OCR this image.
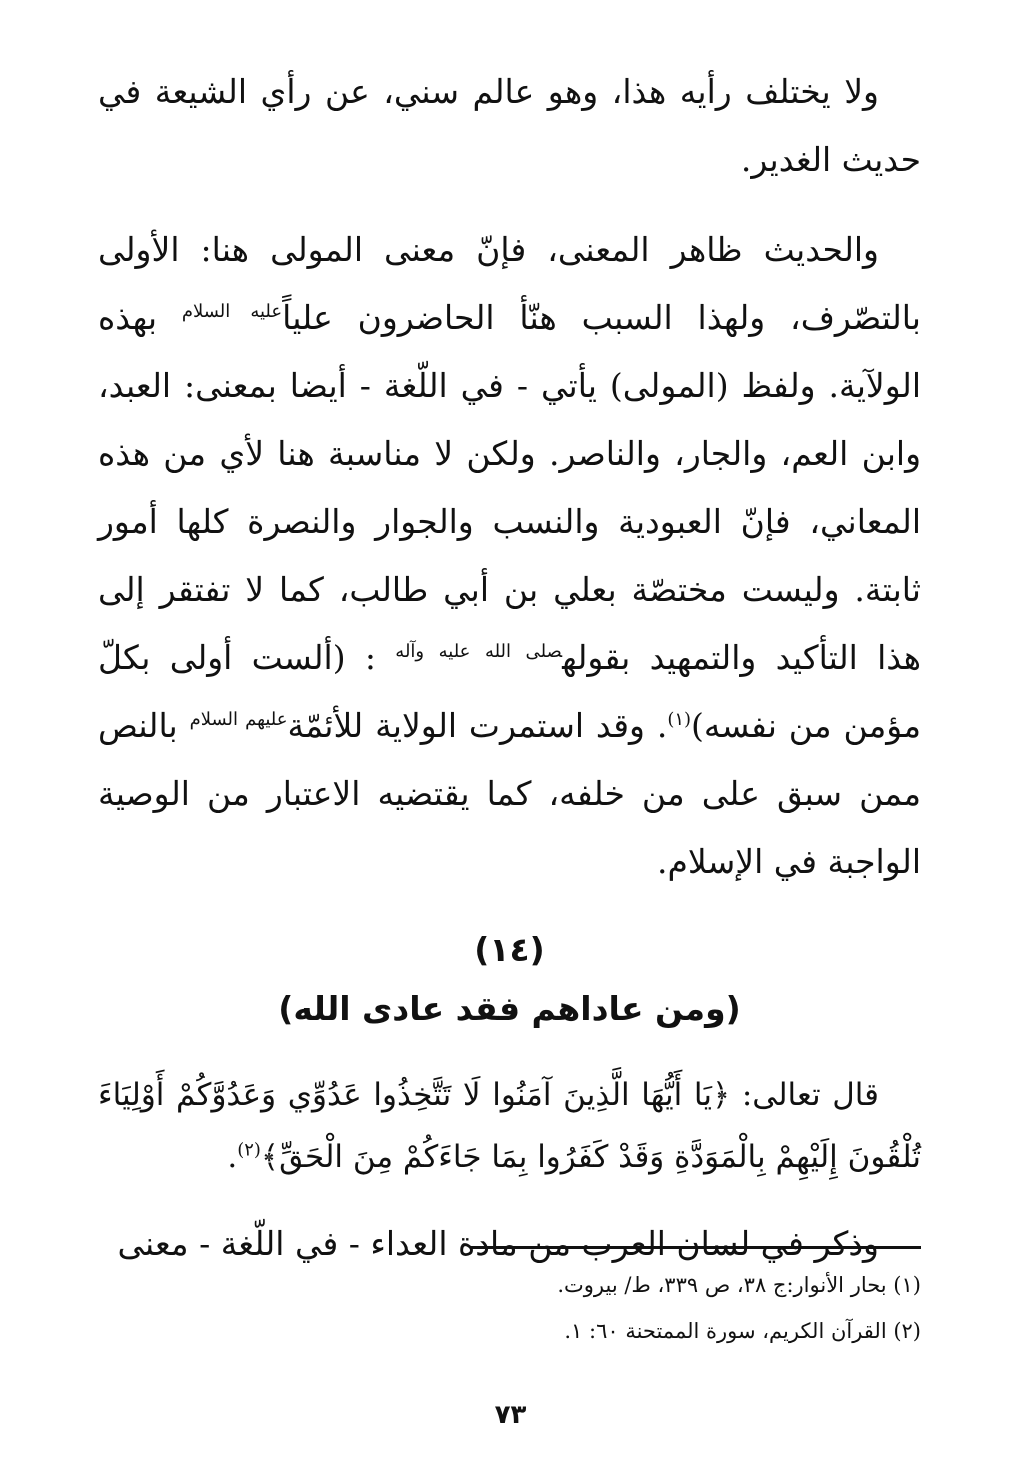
ولا يختلف رأيه هذا، وهو عالم سني، عن رأي الشيعة في حديث الغدير.

والحديث ظاهر المعنى، فإنّ معنى المولى هنا: الأولى بالتصّرف، ولهذا السبب هنّأ الحاضرون علياً$^{عليه السلام}$ بهذه الولآية. ولفظ (المولى) يأتي - في اللّغة - أيضا بمعنى: العبد، وابن العم، والجار، والناصر. ولكن لا مناسبة هنا لأي من هذه المعاني، فإنّ العبودية والنسب والجوار والنصرة كلها أمور ثابتة. وليست مختصّة بعلي بن أبي طالب، كما لا تفتقر إلى هذا التأكيد والتمهيد بقوله$^{صلى الله عليه وآله}$ : (ألست أولى بكلّ مؤمن من نفسه)$^{(١)}$. وقد استمرت الولاية للأئمّة$^{عليهم السلام}$ بالنص ممن سبق على من خلفه، كما يقتضيه الاعتبار من الوصية الواجبة في الإسلام.

(١٤)
(ومن عاداهم فقد عادى الله)

قال تعالى: ﴿يَا أَيُّهَا الَّذِينَ آمَنُوا لَا تَتَّخِذُوا عَدُوِّي وَعَدُوَّكُمْ أَوْلِيَاءَ تُلْقُونَ إِلَيْهِمْ بِالْمَوَدَّةِ وَقَدْ كَفَرُوا بِمَا جَاءَكُمْ مِنَ الْحَقِّ﴾$^{(٢)}$.

وذكر في لسان العرب من مادة العداء - في اللّغة - معنى

(١) بحار الأنوار:ج ٣٨، ص ٣٣٩، ط/ بيروت.
(٢) القرآن الكريم، سورة الممتحنة ٦٠: ١.
٧٣
